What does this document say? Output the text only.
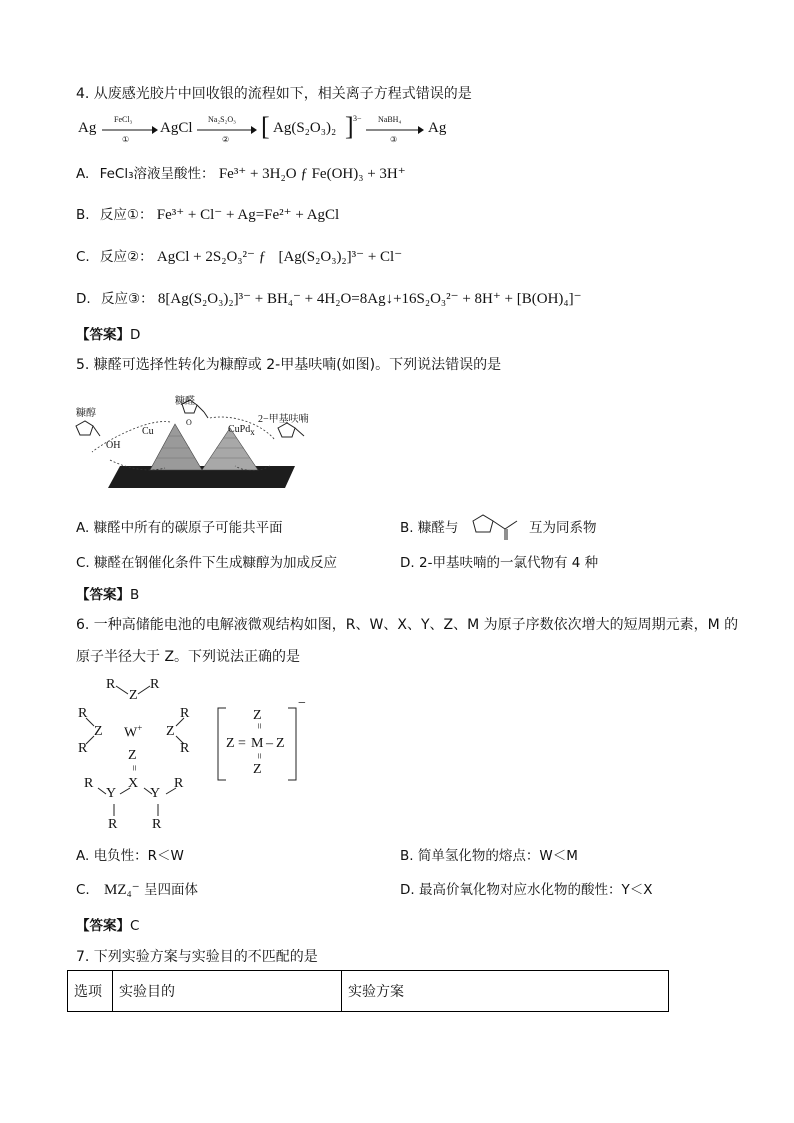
4. 从废感光胶片中回收银的流程如下，相关离子方程式错误的是
Ag
FeCl₃
①
AgCl
Na₂S₂O₃
② [ Ag(S₂O₃)₂ ] 3− NaBH₄
③
Ag
A. FeCl₃溶液呈酸性： Fe³⁺ + 3H₂O ƒ Fe(OH)₃ + 3H⁺
B. 反应①： Fe³⁺ + Cl⁻ + Ag=Fe²⁺ + AgCl
C. 反应②： AgCl + 2S₂O₃²⁻ ƒ [Ag(S₂O₃)₂]³⁻ + Cl⁻
D. 反应③： 8[Ag(S₂O₃)₂]³⁻ + BH₄⁻ + 4H₂O=8Ag↓+16S₂O₃²⁻ + 8H⁺ + [B(OH)₄]⁻
【答案】D
5. 糠醛可选择性转化为糠醇或 2-甲基呋喃(如图)。下列说法错误的是
糠醇
糠醛
2−甲基呋喃
Cu	CuPd$_x$
OH
O
A. 糠醛中所有的碳原子可能共平面	B. 糠醛与	互为同系物
C. 糠醛在钢催化条件下生成糠醇为加成反应	D. 2-甲基呋喃的一氯代物有 4 种
【答案】B
6. 一种高储能电池的电解液微观结构如图，R、W、X、Y、Z、M 为原子序数依次增大的短周期元素，M 的
原子半径大于 Z。下列说法正确的是
R
Z
R
R
Z
R
W+
R
Z
R
Z
=
R
Y
X
Y
R
R R
Z
=
Z = M – Z
=
Z
−
A. 电负性：R＜W	B. 简单氢化物的熔点：W＜M
C. MZ₄⁻ 呈四面体	D. 最高价氧化物对应水化物的酸性：Y＜X
【答案】C
7. 下列实验方案与实验目的不匹配的是
选项	实验目的	实验方案
